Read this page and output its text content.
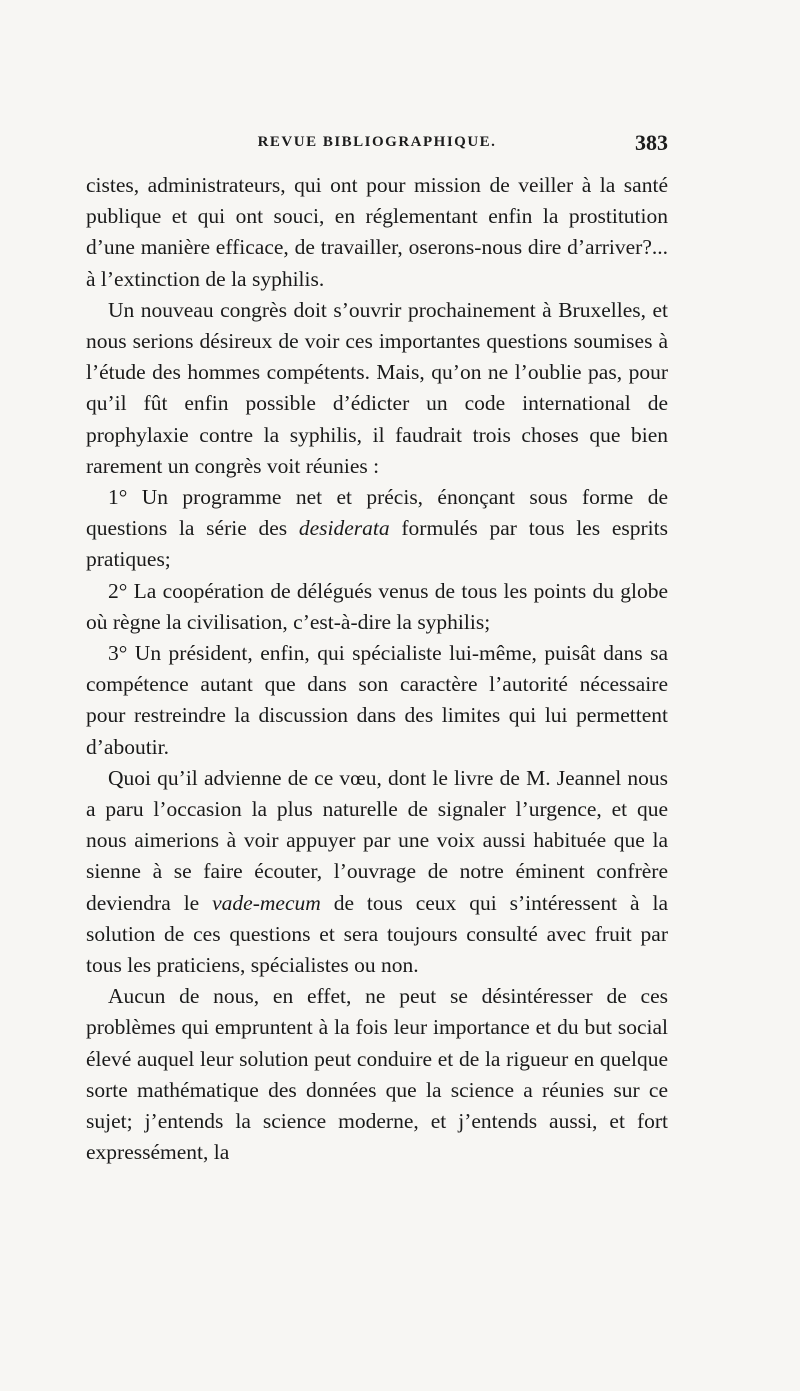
REVUE BIBLIOGRAPHIQUE.	383

cistes, administrateurs, qui ont pour mission de veiller à la santé publique et qui ont souci, en réglementant enfin la prostitution d’une manière efficace, de travailler, oserons-nous dire d’arriver?... à l’extinction de la syphilis.

Un nouveau congrès doit s’ouvrir prochainement à Bruxelles, et nous serions désireux de voir ces importantes questions soumises à l’étude des hommes compétents. Mais, qu’on ne l’oublie pas, pour qu’il fût enfin possible d’édicter un code international de prophylaxie contre la syphilis, il faudrait trois choses que bien rarement un congrès voit réunies :

1° Un programme net et précis, énonçant sous forme de questions la série des desiderata formulés par tous les esprits pratiques;

2° La coopération de délégués venus de tous les points du globe où règne la civilisation, c’est-à-dire la syphilis;

3° Un président, enfin, qui spécialiste lui-même, puisât dans sa compétence autant que dans son caractère l’autorité nécessaire pour restreindre la discussion dans des limites qui lui permettent d’aboutir.

Quoi qu’il advienne de ce vœu, dont le livre de M. Jeannel nous a paru l’occasion la plus naturelle de signaler l’urgence, et que nous aimerions à voir appuyer par une voix aussi habituée que la sienne à se faire écouter, l’ouvrage de notre éminent confrère deviendra le vade-mecum de tous ceux qui s’intéressent à la solution de ces questions et sera toujours consulté avec fruit par tous les praticiens, spécialistes ou non.

Aucun de nous, en effet, ne peut se désintéresser de ces problèmes qui empruntent à la fois leur importance et du but social élevé auquel leur solution peut conduire et de la rigueur en quelque sorte mathématique des données que la science a réunies sur ce sujet; j’entends la science moderne, et j’entends aussi, et fort expressément, la
